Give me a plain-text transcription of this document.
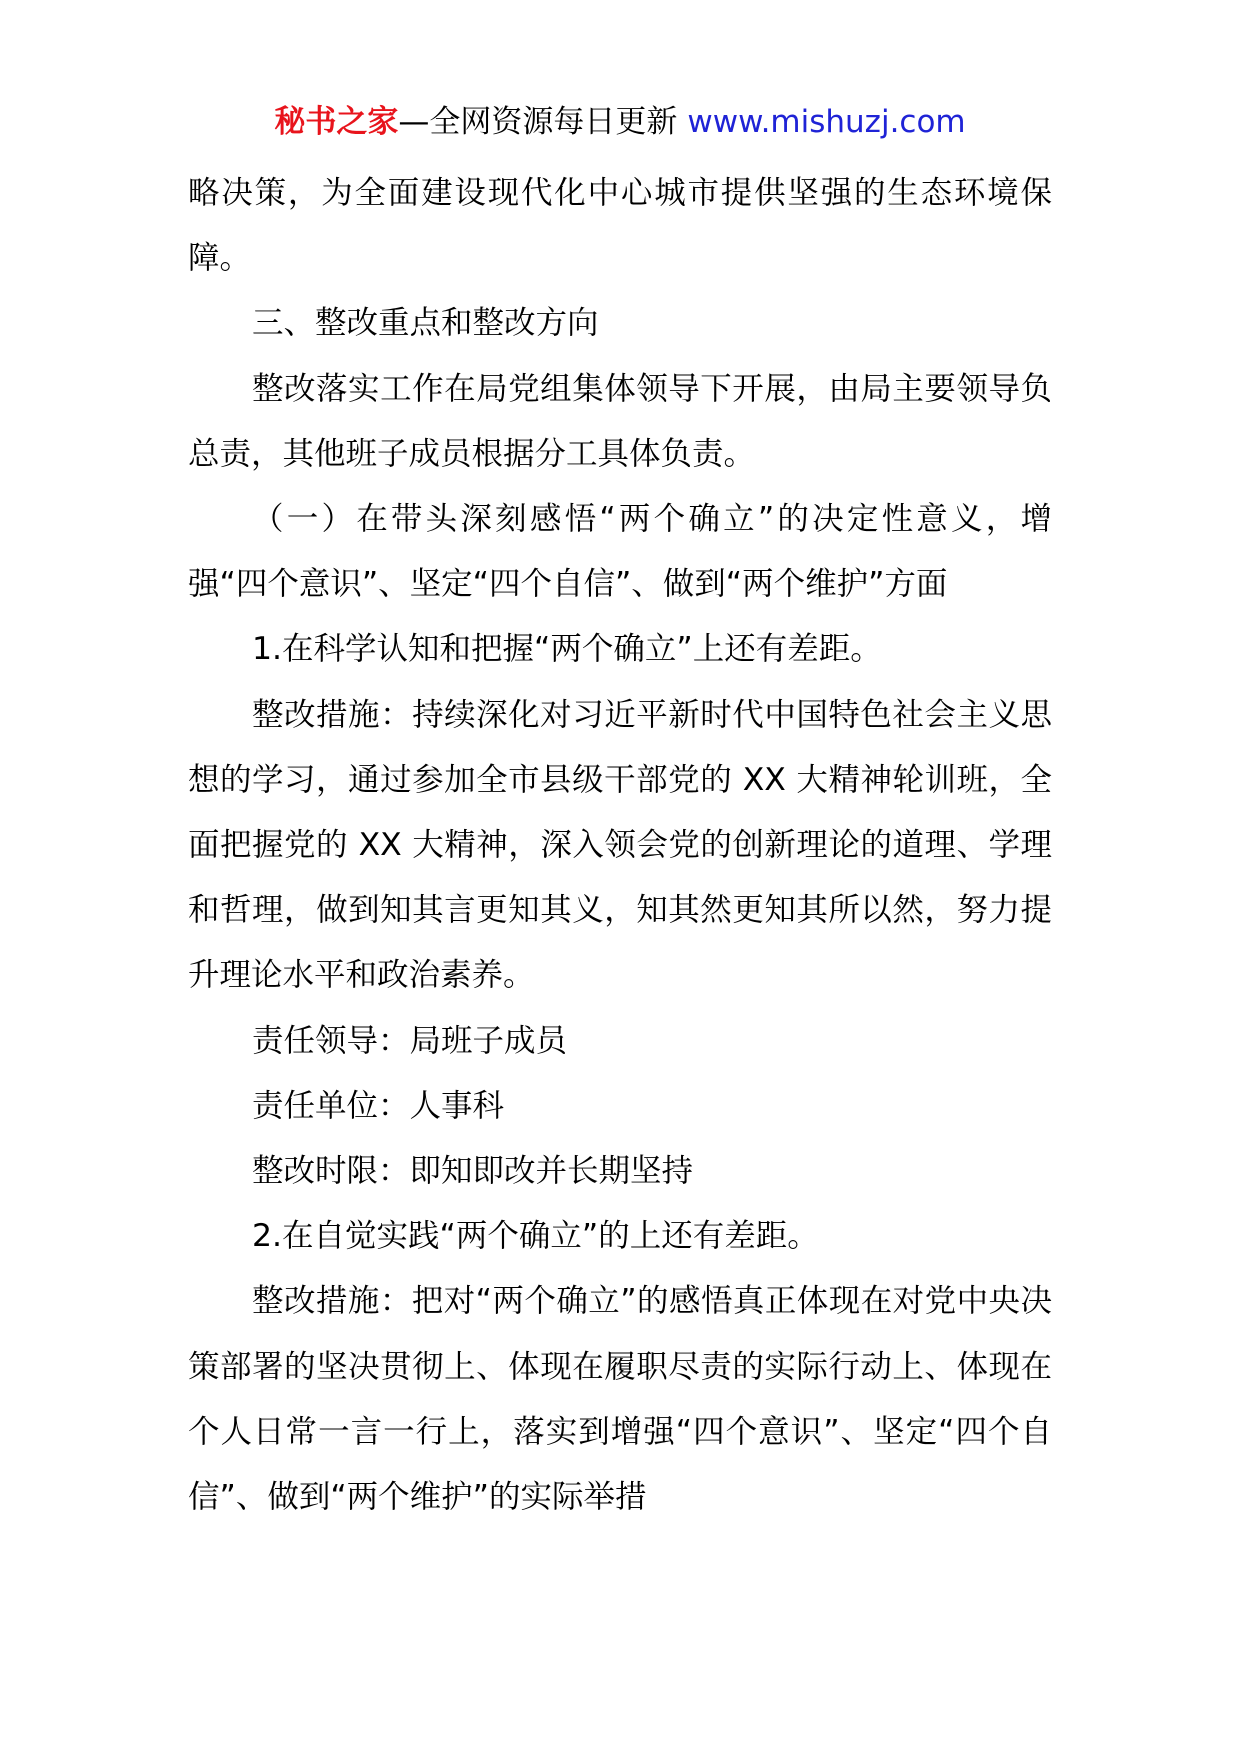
秘书之家—全网资源每日更新 www.mishuzj.com

略决策，为全面建设现代化中心城市提供坚强的生态环境保障。

三、整改重点和整改方向

整改落实工作在局党组集体领导下开展，由局主要领导负总责，其他班子成员根据分工具体负责。

（一）在带头深刻感悟“两个确立”的决定性意义，增强“四个意识”、坚定“四个自信”、做到“两个维护”方面

1.在科学认知和把握“两个确立”上还有差距。

整改措施：持续深化对习近平新时代中国特色社会主义思想的学习，通过参加全市县级干部党的 XX 大精神轮训班，全面把握党的 XX 大精神，深入领会党的创新理论的道理、学理和哲理，做到知其言更知其义，知其然更知其所以然，努力提升理论水平和政治素养。

责任领导：局班子成员

责任单位：人事科

整改时限：即知即改并长期坚持

2.在自觉实践“两个确立”的上还有差距。

整改措施：把对“两个确立”的感悟真正体现在对党中央决策部署的坚决贯彻上、体现在履职尽责的实际行动上、体现在个人日常一言一行上，落实到增强“四个意识”、坚定“四个自信”、做到“两个维护”的实际举措
